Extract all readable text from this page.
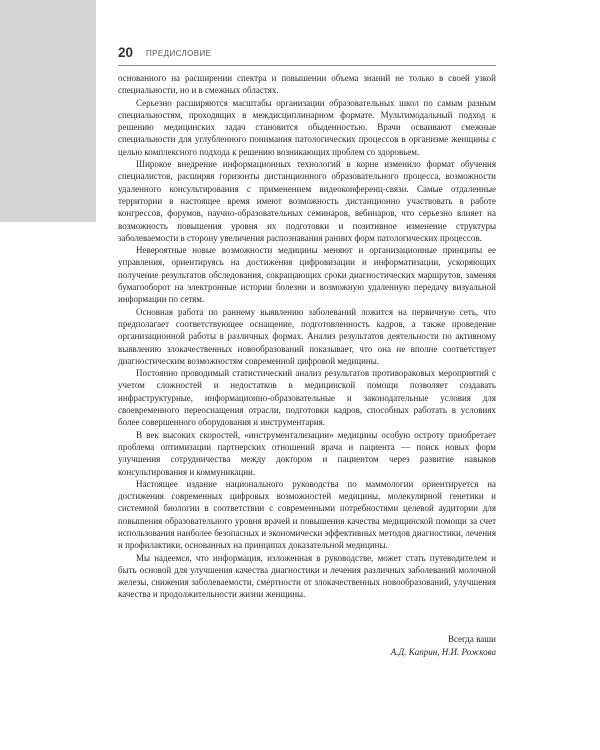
20 ПРЕДИСЛОВИЕ

основанного на расширении спектра и повышении объема знаний не только в своей узкой специальности, но и в смежных областях.

Серьезно расширяются масштабы организации образовательных школ по самым разным специальностям, проходящих в междисциплинарном формате. Мультимодальный подход к решению медицинских задач становится обыденностью. Врачи осваивают смежные специальности для углубленного понимания патологических процессов в организме женщины с целью комплексного подхода к решению возникающих проблем со здоровьем.

Широкое внедрение информационных технологий в корне изменило формат обучения специалистов, расширяя горизонты дистанционного образовательного процесса, возможности удаленного консультирования с применением видеоконференц-связи. Самые отдаленные территории в настоящее время имеют возможность дистанционно участвовать в работе конгрессов, форумов, научно-образовательных семинаров, вебинаров, что серьезно влияет на возможность повышения уровня их подготовки и позитивное изменение структуры заболеваемости в сторону увеличения распознавания ранних форм патологических процессов.

Невероятные новые возможности медицины меняют и организационные принципы ее управления, ориентируясь на достижения цифровизации и информатизации, ускоряющих получение результатов обследования, сокращающих сроки диагностических маршрутов, заменяя бумагооборот на электронные истории болезни и возможную удаленную передачу визуальной информации по сетям.

Основная работа по раннему выявлению заболеваний ложится на первичную сеть, что предполагает соответствующее оснащение, подготовленность кадров, а также проведение организационной работы в различных формах. Анализ результатов деятельности по активному выявлению злокачественных новообразований показывает, что она не вполне соответствует диагностическим возможностям современной цифровой медицины.

Постоянно проводимый статистический анализ результатов противораковых мероприятий с учетом сложностей и недостатков в медицинской помощи позволяет создавать инфраструктурные, информационно-образовательные и законодательные условия для своевременного переоснащения отрасли, подготовки кадров, способных работать в условиях более совершенного оборудования и инструментария.

В век высоких скоростей, «инструментализации» медицины особую остроту приобретает проблема оптимизации партнерских отношений врача и пациента — поиск новых форм улучшения сотрудничества между доктором и пациентом через развитие навыков консультирования и коммуникации.

Настоящее издание национального руководства по маммологии ориентируется на достижения современных цифровых возможностей медицины, молекулярной генетики и системной биологии в соответствии с современными потребностями целевой аудитории для повышения образовательного уровня врачей и повышения качества медицинской помощи за счет использования наиболее безопасных и экономически эффективных методов диагностики, лечения и профилактики, основанных на принципах доказательной медицины.

Мы надеемся, что информация, изложенная в руководстве, может стать путеводителем и быть основой для улучшения качества диагностики и лечения различных заболеваний молочной железы, снижения заболеваемости, смертности от злокачественных новообразований, улучшения качества и продолжительности жизни женщины.

Всегда ваши
А.Д. Каприн, Н.И. Рожкова
